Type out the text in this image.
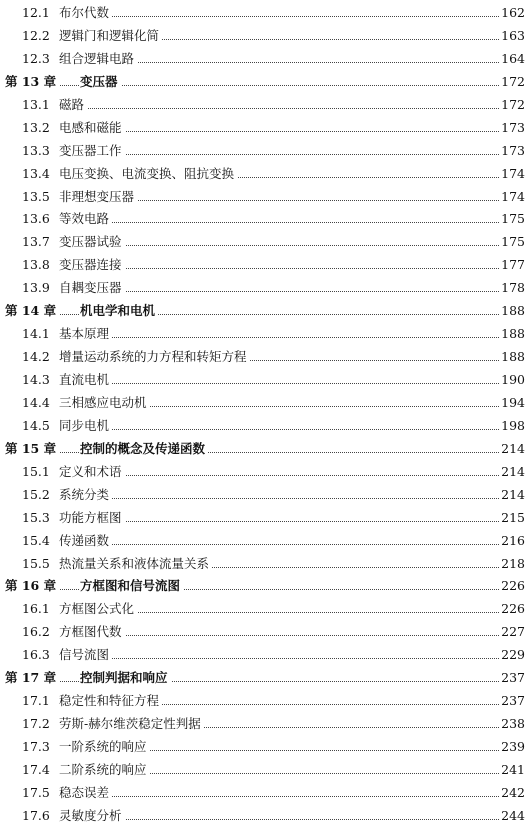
12.1 布尔代数	162
12.2 逻辑门和逻辑化简	163
12.3 组合逻辑电路	164
第 13 章 变压器	172
13.1 磁路	172
13.2 电感和磁能	173
13.3 变压器工作	173
13.4 电压变换、电流变换、阻抗变换	174
13.5 非理想变压器	174
13.6 等效电路	175
13.7 变压器试验	175
13.8 变压器连接	177
13.9 自耦变压器	178
第 14 章 机电学和电机	188
14.1 基本原理	188
14.2 增量运动系统的力方程和转矩方程	188
14.3 直流电机	190
14.4 三相感应电动机	194
14.5 同步电机	198
第 15 章 控制的概念及传递函数	214
15.1 定义和术语	214
15.2 系统分类	214
15.3 功能方框图	215
15.4 传递函数	216
15.5 热流量关系和液体流量关系	218
第 16 章 方框图和信号流图	226
16.1 方框图公式化	226
16.2 方框图代数	227
16.3 信号流图	229
第 17 章 控制判据和响应	237
17.1 稳定性和特征方程	237
17.2 劳斯-赫尔维茨稳定性判据	238
17.3 一阶系统的响应	239
17.4 二阶系统的响应	241
17.5 稳态误差	242
17.6 灵敏度分析	244
